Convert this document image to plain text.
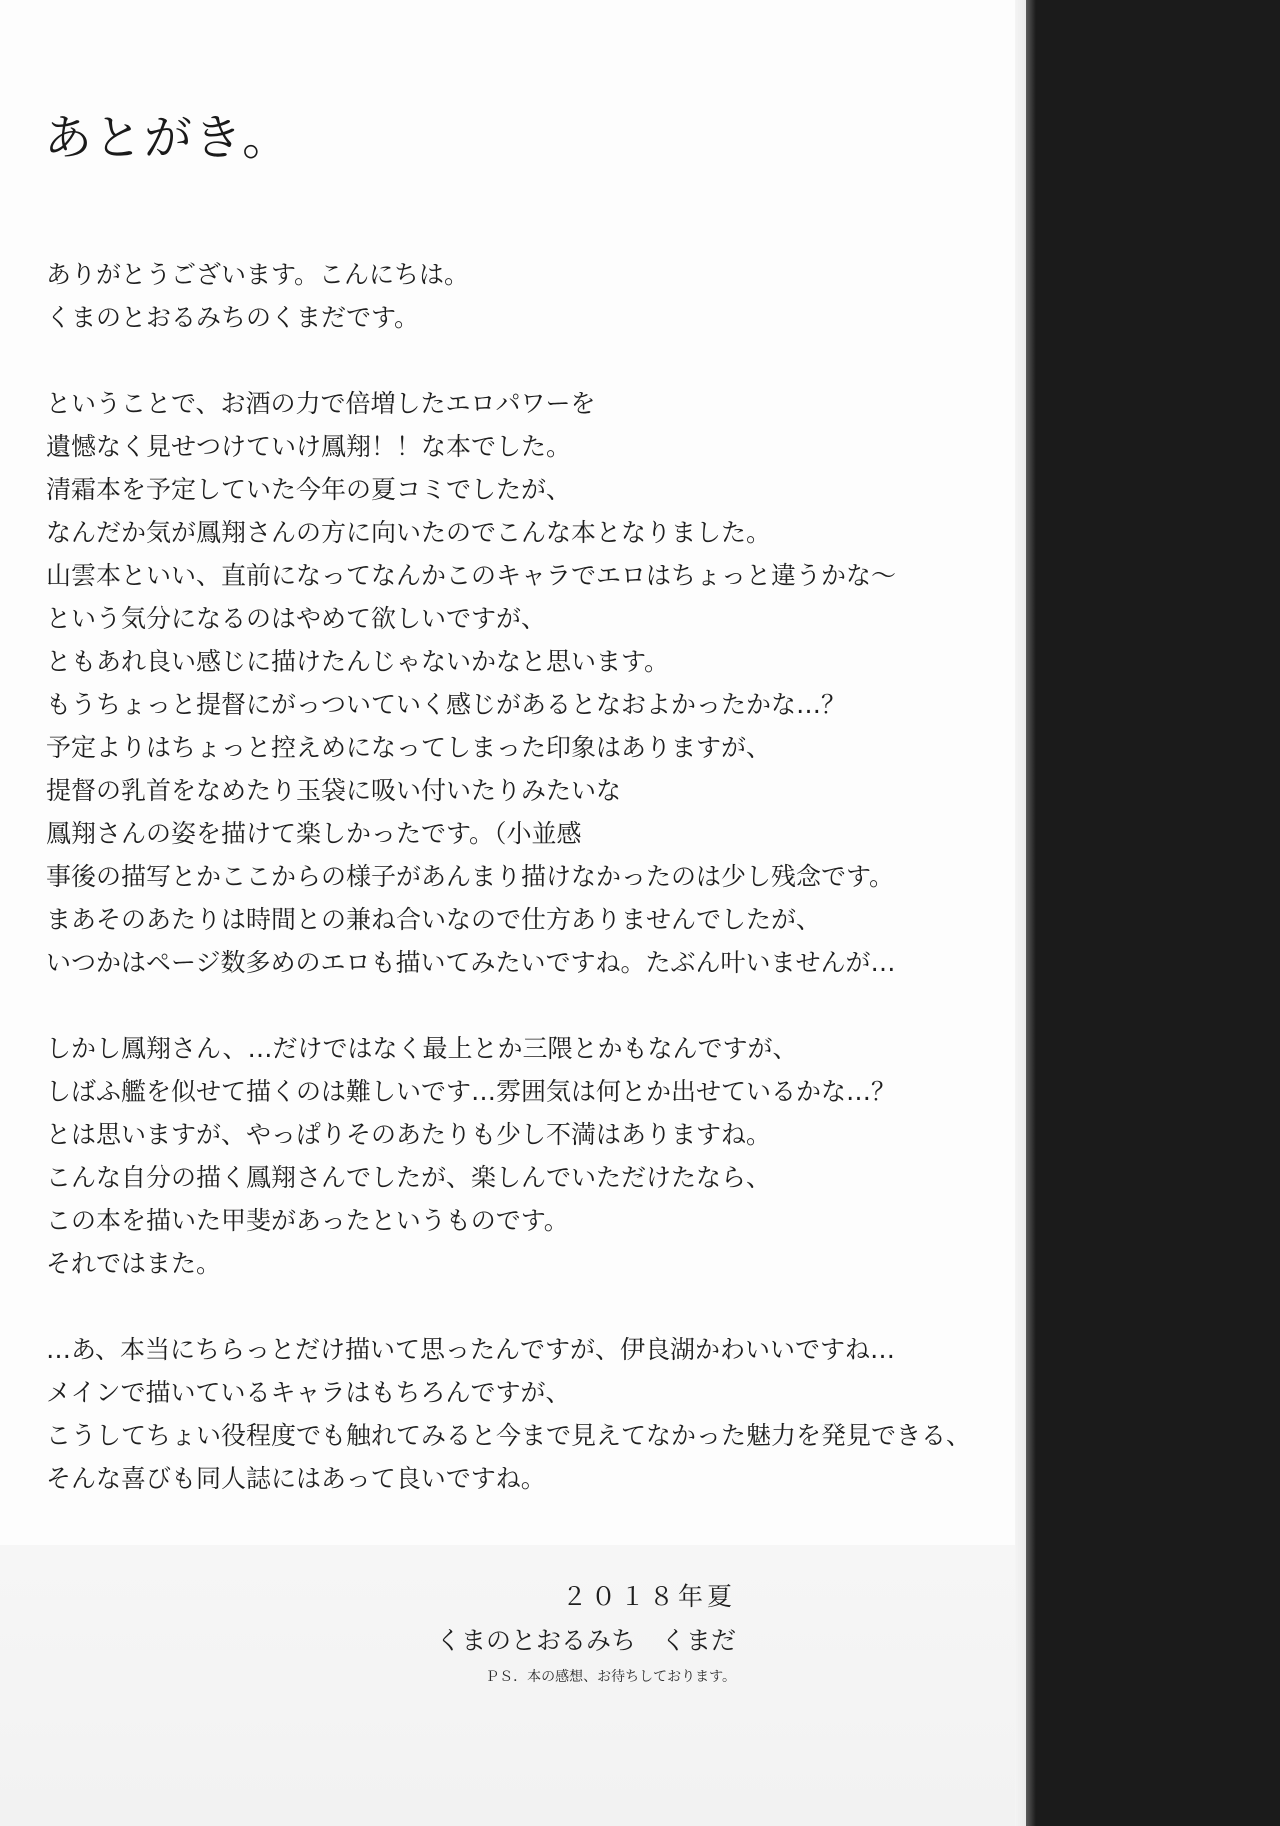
あとがき。
ありがとうございます。こんにちは。
くまのとおるみちのくまだです。
ということで、お酒の力で倍増したエロパワーを
遺憾なく見せつけていけ鳳翔！！な本でした。
清霜本を予定していた今年の夏コミでしたが、
なんだか気が鳳翔さんの方に向いたのでこんな本となりました。
山雲本といい、直前になってなんかこのキャラでエロはちょっと違うかな～
という気分になるのはやめて欲しいですが、
ともあれ良い感じに描けたんじゃないかなと思います。
もうちょっと提督にがっついていく感じがあるとなおよかったかな…？
予定よりはちょっと控えめになってしまった印象はありますが、
提督の乳首をなめたり玉袋に吸い付いたりみたいな
鳳翔さんの姿を描けて楽しかったです。（小並感
事後の描写とかここからの様子があんまり描けなかったのは少し残念です。
まあそのあたりは時間との兼ね合いなので仕方ありませんでしたが、
いつかはページ数多めのエロも描いてみたいですね。たぶん叶いませんが…
しかし鳳翔さん、…だけではなく最上とか三隈とかもなんですが、
しばふ艦を似せて描くのは難しいです…雰囲気は何とか出せているかな…？
とは思いますが、やっぱりそのあたりも少し不満はありますね。
こんな自分の描く鳳翔さんでしたが、楽しんでいただけたなら、
この本を描いた甲斐があったというものです。
それではまた。
…あ、本当にちらっとだけ描いて思ったんですが、伊良湖かわいいですね…
メインで描いているキャラはもちろんですが、
こうしてちょい役程度でも触れてみると今まで見えてなかった魅力を発見できる、
そんな喜びも同人誌にはあって良いですね。
２０１８年夏
くまのとおるみち　くまだ
ＰＳ．本の感想、お待ちしております。
